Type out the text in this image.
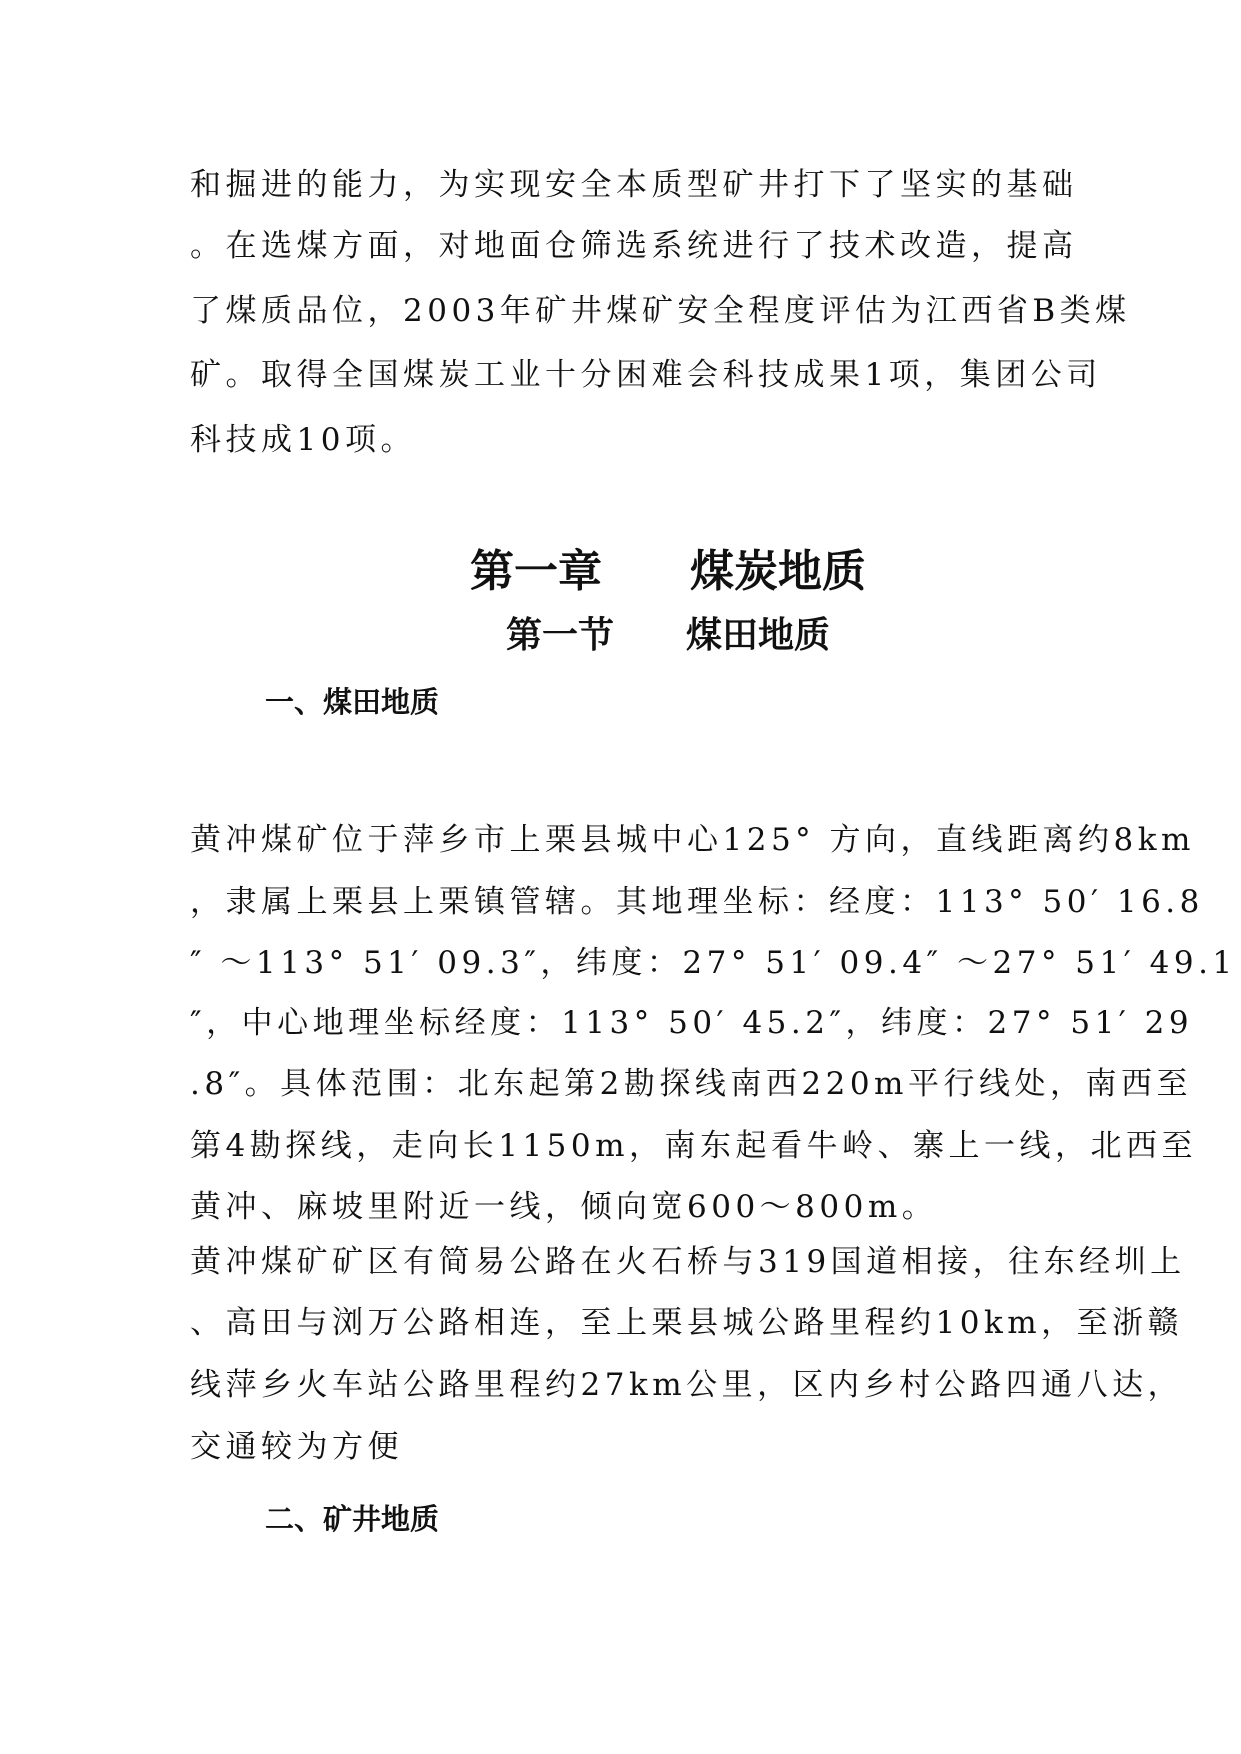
和掘进的能力，为实现安全本质型矿井打下了坚实的基础
。在选煤方面，对地面仓筛选系统进行了技术改造，提高
了煤质品位，2003年矿井煤矿安全程度评估为江西省B类煤
矿。取得全国煤炭工业十分困难会科技成果1项，集团公司
科技成10项。
第一章　　煤炭地质
第一节　　煤田地质
一、煤田地质
黄冲煤矿位于萍乡市上栗县城中心125° 方向，直线距离约8km
，隶属上栗县上栗镇管辖。其地理坐标：经度：113° 50′ 16.8
″ ～113° 51′ 09.3″，纬度：27° 51′ 09.4″ ～27° 51′ 49.1
″，中心地理坐标经度：113° 50′ 45.2″，纬度：27° 51′ 29
.8″。具体范围：北东起第2勘探线南西220m平行线处，南西至
第4勘探线，走向长1150m，南东起看牛岭、寨上一线，北西至
黄冲、麻坡里附近一线，倾向宽600～800m。
黄冲煤矿矿区有简易公路在火石桥与319国道相接，往东经圳上
、高田与浏万公路相连，至上栗县城公路里程约10km，至浙赣
线萍乡火车站公路里程约27km公里，区内乡村公路四通八达，
交通较为方便
二、矿井地质
